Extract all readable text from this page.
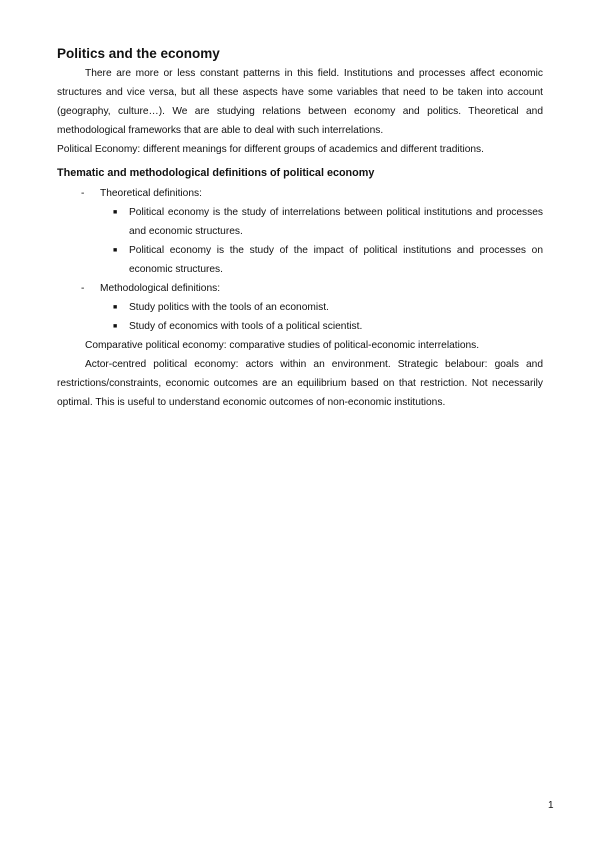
Politics and the economy

There are more or less constant patterns in this field. Institutions and processes affect economic structures and vice versa, but all these aspects have some variables that need to be taken into account (geography, culture…). We are studying relations between economy and politics. Theoretical and methodological frameworks that are able to deal with such interrelations.

Political Economy: different meanings for different groups of academics and different traditions.

Thematic and methodological definitions of political economy
- Theoretical definitions:
■ Political economy is the study of interrelations between political institutions and processes and economic structures.
■ Political economy is the study of the impact of political institutions and processes on economic structures.
- Methodological definitions:
■ Study politics with the tools of an economist.
■ Study of economics with tools of a political scientist.

Comparative political economy: comparative studies of political-economic interrelations.

Actor-centred political economy: actors within an environment. Strategic belabour: goals and restrictions/constraints, economic outcomes are an equilibrium based on that restriction. Not necessarily optimal. This is useful to understand economic outcomes of non-economic institutions.

1
